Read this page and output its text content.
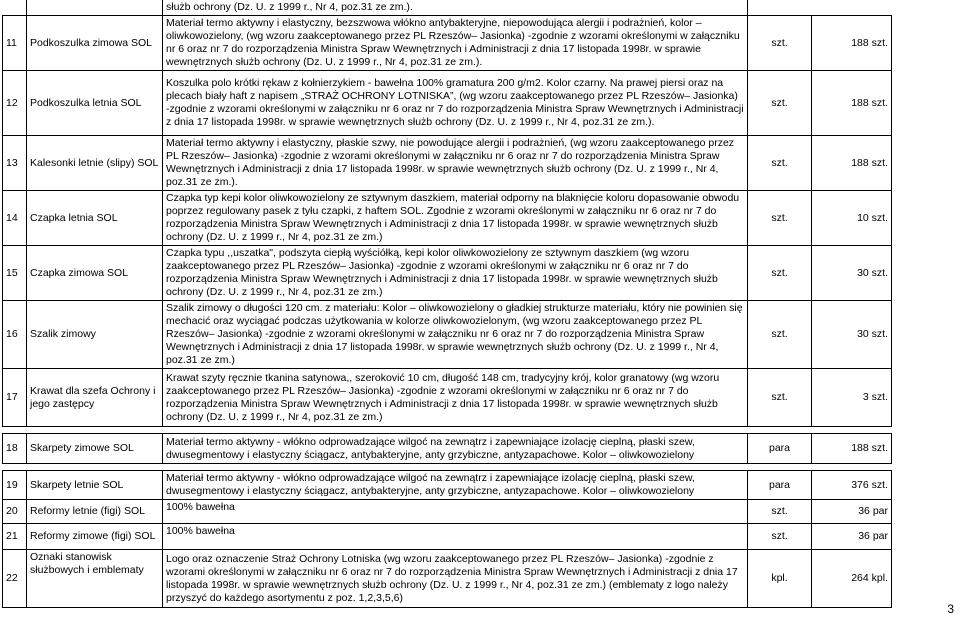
		służb ochrony (Dz. U. z 1999 r., Nr 4, poz.31 ze zm.).		
11	Podkoszulka zimowa SOL	Materiał termo aktywny i elastyczny, bezszwowa włókno antybakteryjne, niepowodująca alergii i podrażnień, kolor – oliwkowozielony, (wg wzoru zaakceptowanego przez PL Rzeszów– Jasionka) -zgodnie z wzorami określonymi w załączniku nr 6 oraz nr 7 do rozporządzenia Ministra Spraw Wewnętrznych i Administracji z dnia 17 listopada 1998r. w sprawie wewnętrznych służb ochrony (Dz. U. z 1999 r., Nr 4, poz.31 ze zm.).	szt.	188 szt.
12	Podkoszulka letnia SOL	Koszulka polo krótki rękaw z kołnierzykiem - bawełna 100% gramatura 200 g/m2. Kolor czarny. Na prawej piersi oraz na plecach biały haft z napisem „STRAŻ OCHRONY LOTNISKA”, (wg wzoru zaakceptowanego przez PL Rzeszów– Jasionka) -zgodnie z wzorami określonymi w załączniku nr 6 oraz nr 7 do rozporządzenia Ministra Spraw Wewnętrznych i Administracji z dnia 17 listopada 1998r. w sprawie wewnętrznych służb ochrony (Dz. U. z 1999 r., Nr 4, poz.31 ze zm.).	szt.	188 szt.
13	Kalesonki letnie (slipy) SOL	Materiał termo aktywny i elastyczny, płaskie szwy, nie powodujące alergii i podrażnień, (wg wzoru zaakceptowanego przez PL Rzeszów– Jasionka) -zgodnie z wzorami określonymi w załączniku nr 6 oraz nr 7 do rozporządzenia Ministra Spraw Wewnętrznych i Administracji z dnia 17 listopada 1998r. w sprawie wewnętrznych służb ochrony (Dz. U. z 1999 r., Nr 4, poz.31 ze zm.).	szt.	188 szt.
14	Czapka letnia SOL	Czapka typ kepi kolor oliwkowozielony ze sztywnym daszkiem, materiał odporny na blaknięcie koloru dopasowanie obwodu poprzez regulowany pasek z tyłu czapki, z haftem SOL. Zgodnie z wzorami określonymi w załączniku nr 6 oraz nr 7 do rozporządzenia Ministra Spraw Wewnętrznych i Administracji z dnia 17 listopada 1998r. w sprawie wewnętrznych służb ochrony (Dz. U. z 1999 r., Nr 4, poz.31 ze zm.)	szt.	10 szt.
15	Czapka zimowa SOL	Czapka typu ,,uszatka", podszyta ciepłą wyściółką, kepi kolor oliwkowozielony ze sztywnym daszkiem (wg wzoru zaakceptowanego przez PL Rzeszów– Jasionka) -zgodnie z wzorami określonymi w załączniku nr 6 oraz nr 7 do rozporządzenia Ministra Spraw Wewnętrznych i Administracji z dnia 17 listopada 1998r. w sprawie wewnętrznych służb ochrony (Dz. U. z 1999 r., Nr 4, poz.31 ze zm.)	szt.	30 szt.
16	Szalik zimowy	Szalik zimowy o długości 120 cm. z materiału: Kolor – oliwkowozielony o gładkiej strukturze materiału, który nie powinien się mechacić oraz wyciągać podczas użytkowania w kolorze oliwkowozielonym, (wg wzoru zaakceptowanego przez PL Rzeszów– Jasionka) -zgodnie z wzorami określonymi w załączniku nr 6 oraz nr 7 do rozporządzenia Ministra Spraw Wewnętrznych i Administracji z dnia 17 listopada 1998r. w sprawie wewnętrznych służb ochrony (Dz. U. z 1999 r., Nr 4, poz.31 ze zm.)	szt.	30 szt.
17	Krawat dla szefa Ochrony i jego zastępcy	Krawat szyty ręcznie tkanina satynowa,, szeroković 10 cm, długość 148 cm, tradycyjny krój, kolor granatowy (wg wzoru zaakceptowanego przez PL Rzeszów– Jasionka) -zgodnie z wzorami określonymi w załączniku nr 6 oraz nr 7 do rozporządzenia Ministra Spraw Wewnętrznych i Administracji z dnia 17 listopada 1998r. w sprawie wewnętrznych służb ochrony (Dz. U. z 1999 r., Nr 4, poz.31 ze zm.)	szt.	3 szt.

18	Skarpety zimowe SOL	Materiał termo aktywny - włókno odprowadzające wilgoć na zewnątrz i zapewniające izolację cieplną, płaski szew, dwusegmentowy i elastyczny ściągacz, antybakteryjne, anty grzybiczne, antyzapachowe. Kolor – oliwkowozielony	para	188 szt.

19	Skarpety letnie SOL	Materiał termo aktywny - włókno odprowadzające wilgoć na zewnątrz i zapewniające izolację cieplną, płaski szew, dwusegmentowy i elastyczny ściągacz, antybakteryjne, anty grzybiczne, antyzapachowe. Kolor – oliwkowozielony	para	376 szt.
20	Reformy letnie (figi) SOL	100% bawełna	szt.	36 par
21	Reformy zimowe (figi) SOL	100% bawełna	szt.	36 par
22	Oznaki stanowisk służbowych i emblematy	Logo oraz oznaczenie Straż Ochrony Lotniska (wg wzoru zaakceptowanego przez PL Rzeszów– Jasionka) -zgodnie z wzorami określonymi w załączniku nr 6 oraz nr 7 do rozporządzenia Ministra Spraw Wewnętrznych i Administracji z dnia 17 listopada 1998r. w sprawie wewnętrznych służb ochrony (Dz. U. z 1999 r., Nr 4, poz.31 ze zm.) (emblematy z logo należy przyszyć do każdego asortymentu z poz. 1,2,3,5,6)	kpl.	264 kpl.
3
